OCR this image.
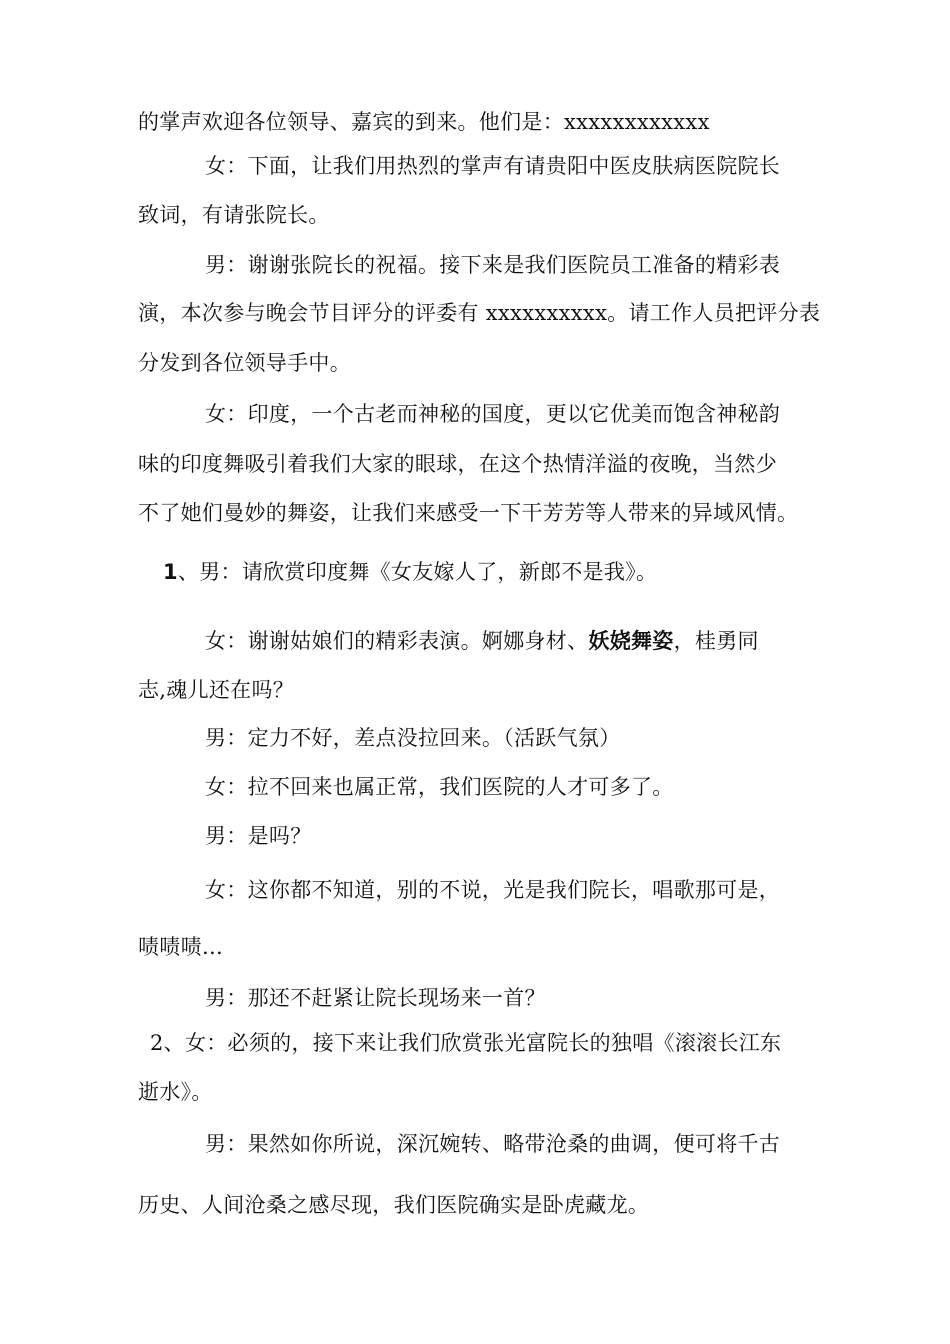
的掌声欢迎各位领导、嘉宾的到来。他们是：xxxxxxxxxxxx
女：下面，让我们用热烈的掌声有请贵阳中医皮肤病医院院长
致词，有请张院长。
男：谢谢张院长的祝福。接下来是我们医院员工准备的精彩表
演，本次参与晚会节目评分的评委有 xxxxxxxxxx。请工作人员把评分表
分发到各位领导手中。
女：印度，一个古老而神秘的国度，更以它优美而饱含神秘韵
味的印度舞吸引着我们大家的眼球，在这个热情洋溢的夜晚，当然少
不了她们曼妙的舞姿，让我们来感受一下干芳芳等人带来的异域风情。
1、男：请欣赏印度舞《女友嫁人了，新郎不是我》。
女：谢谢姑娘们的精彩表演。婀娜身材、妖娆舞姿，桂勇同
志,魂儿还在吗？
男：定力不好，差点没拉回来。（活跃气氛）
女：拉不回来也属正常，我们医院的人才可多了。
男：是吗？
女：这你都不知道，别的不说，光是我们院长，唱歌那可是，
啧啧啧…
男：那还不赶紧让院长现场来一首？
2、女：必须的，接下来让我们欣赏张光富院长的独唱《滚滚长江东
逝水》。
男：果然如你所说，深沉婉转、略带沧桑的曲调，便可将千古
历史、人间沧桑之感尽现，我们医院确实是卧虎藏龙。
